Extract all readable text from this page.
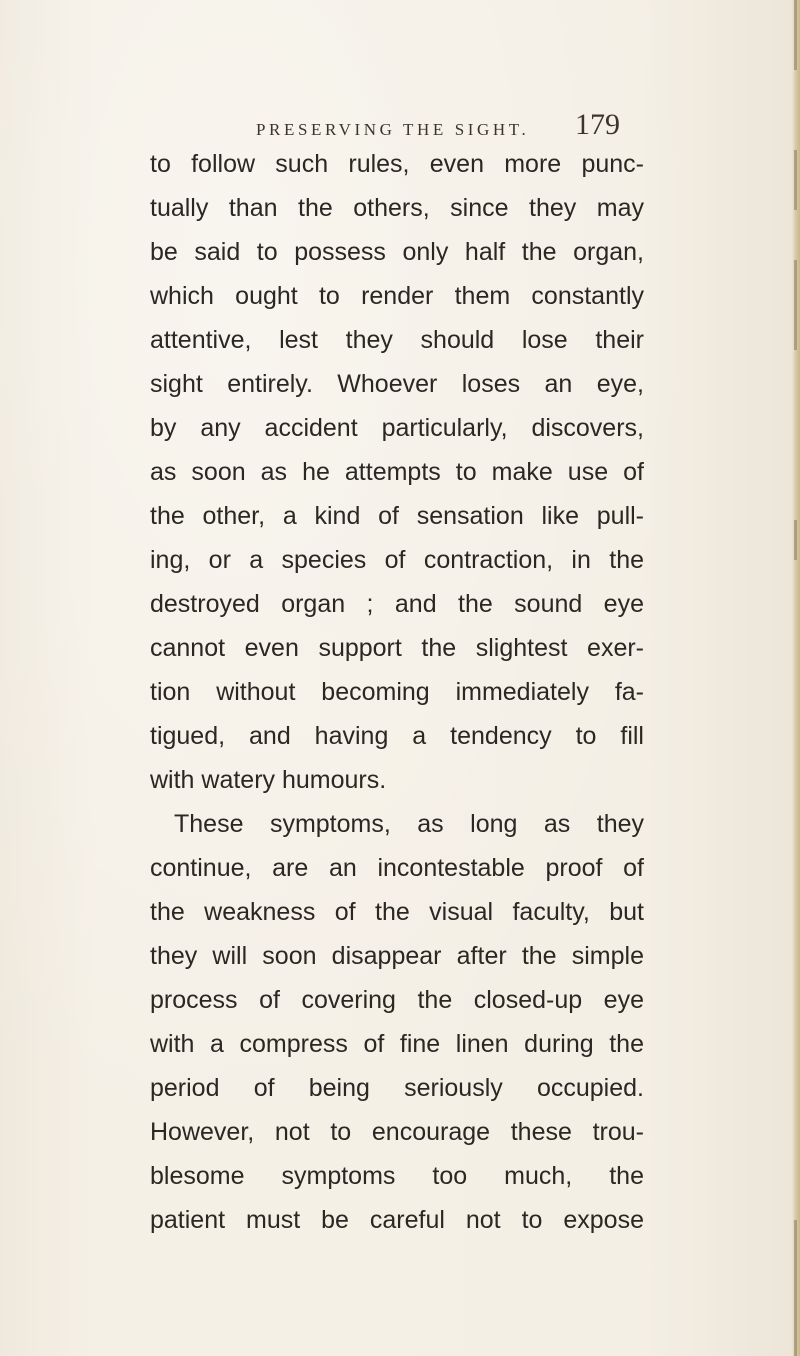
PRESERVING THE SIGHT. 179
to follow such rules, even more punc-
tually than the others, since they may
be said to possess only half the organ,
which ought to render them constantly
attentive, lest they should lose their
sight entirely. Whoever loses an eye,
by any accident particularly, discovers,
as soon as he attempts to make use of
the other, a kind of sensation like pull-
ing, or a species of contraction, in the
destroyed organ ; and the sound eye
cannot even support the slightest exer-
tion without becoming immediately fa-
tigued, and having a tendency to fill
with watery humours.
These symptoms, as long as they
continue, are an incontestable proof of
the weakness of the visual faculty, but
they will soon disappear after the simple
process of covering the closed-up eye
with a compress of fine linen during the
period of being seriously occupied.
However, not to encourage these trou-
blesome symptoms too much, the
patient must be careful not to expose
